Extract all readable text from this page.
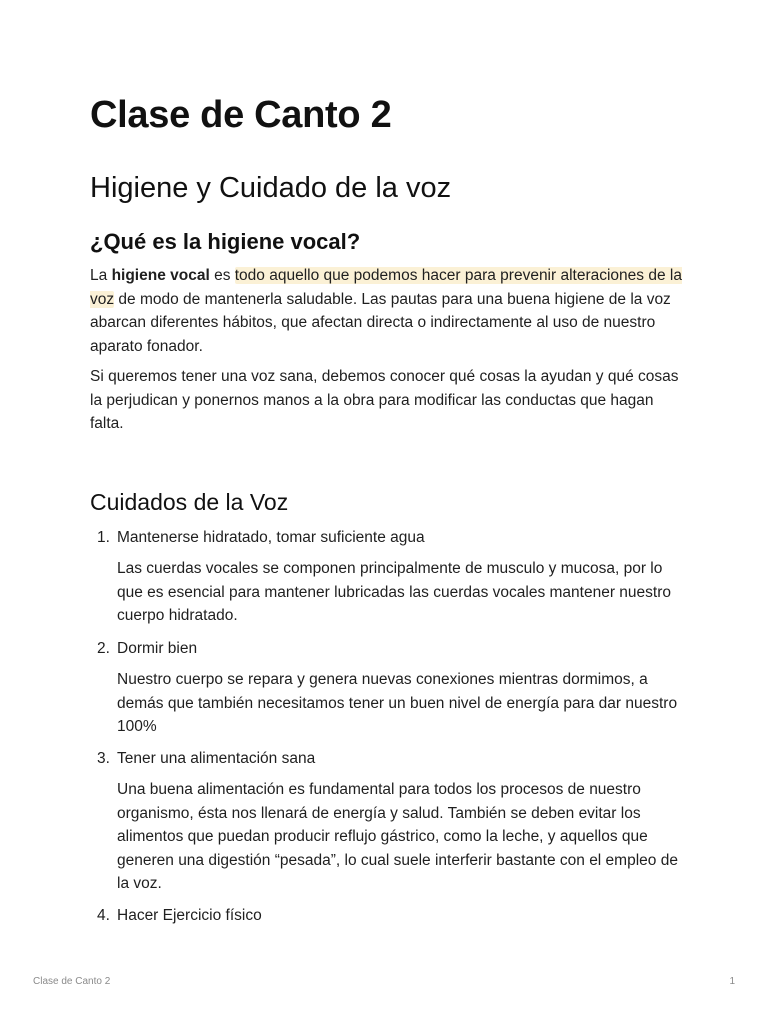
Clase de Canto 2
Higiene y Cuidado de la voz
¿Qué es la higiene vocal?

La higiene vocal es todo aquello que podemos hacer para prevenir alteraciones de la voz de modo de mantenerla saludable. Las pautas para una buena higiene de la voz abarcan diferentes hábitos, que afectan directa o indirectamente al uso de nuestro aparato fonador.

Si queremos tener una voz sana, debemos conocer qué cosas la ayudan y qué cosas la perjudican y ponernos manos a la obra para modificar las conductas que hagan falta.

Cuidados de la Voz
1. Mantenerse hidratado, tomar suficiente agua

Las cuerdas vocales se componen principalmente de musculo y mucosa, por lo que es esencial para mantener lubricadas las cuerdas vocales mantener nuestro cuerpo hidratado.

2. Dormir bien

Nuestro cuerpo se repara y genera nuevas conexiones mientras dormimos, a demás que también necesitamos tener un buen nivel de energía para dar nuestro 100%

3. Tener una alimentación sana

Una buena alimentación es fundamental para todos los procesos de nuestro organismo, ésta nos llenará de energía y salud. También se deben evitar los alimentos que puedan producir reflujo gástrico, como la leche, y aquellos que generen una digestión “pesada”, lo cual suele interferir bastante con el empleo de la voz.

4. Hacer Ejercicio físico
Clase de Canto 2	1
